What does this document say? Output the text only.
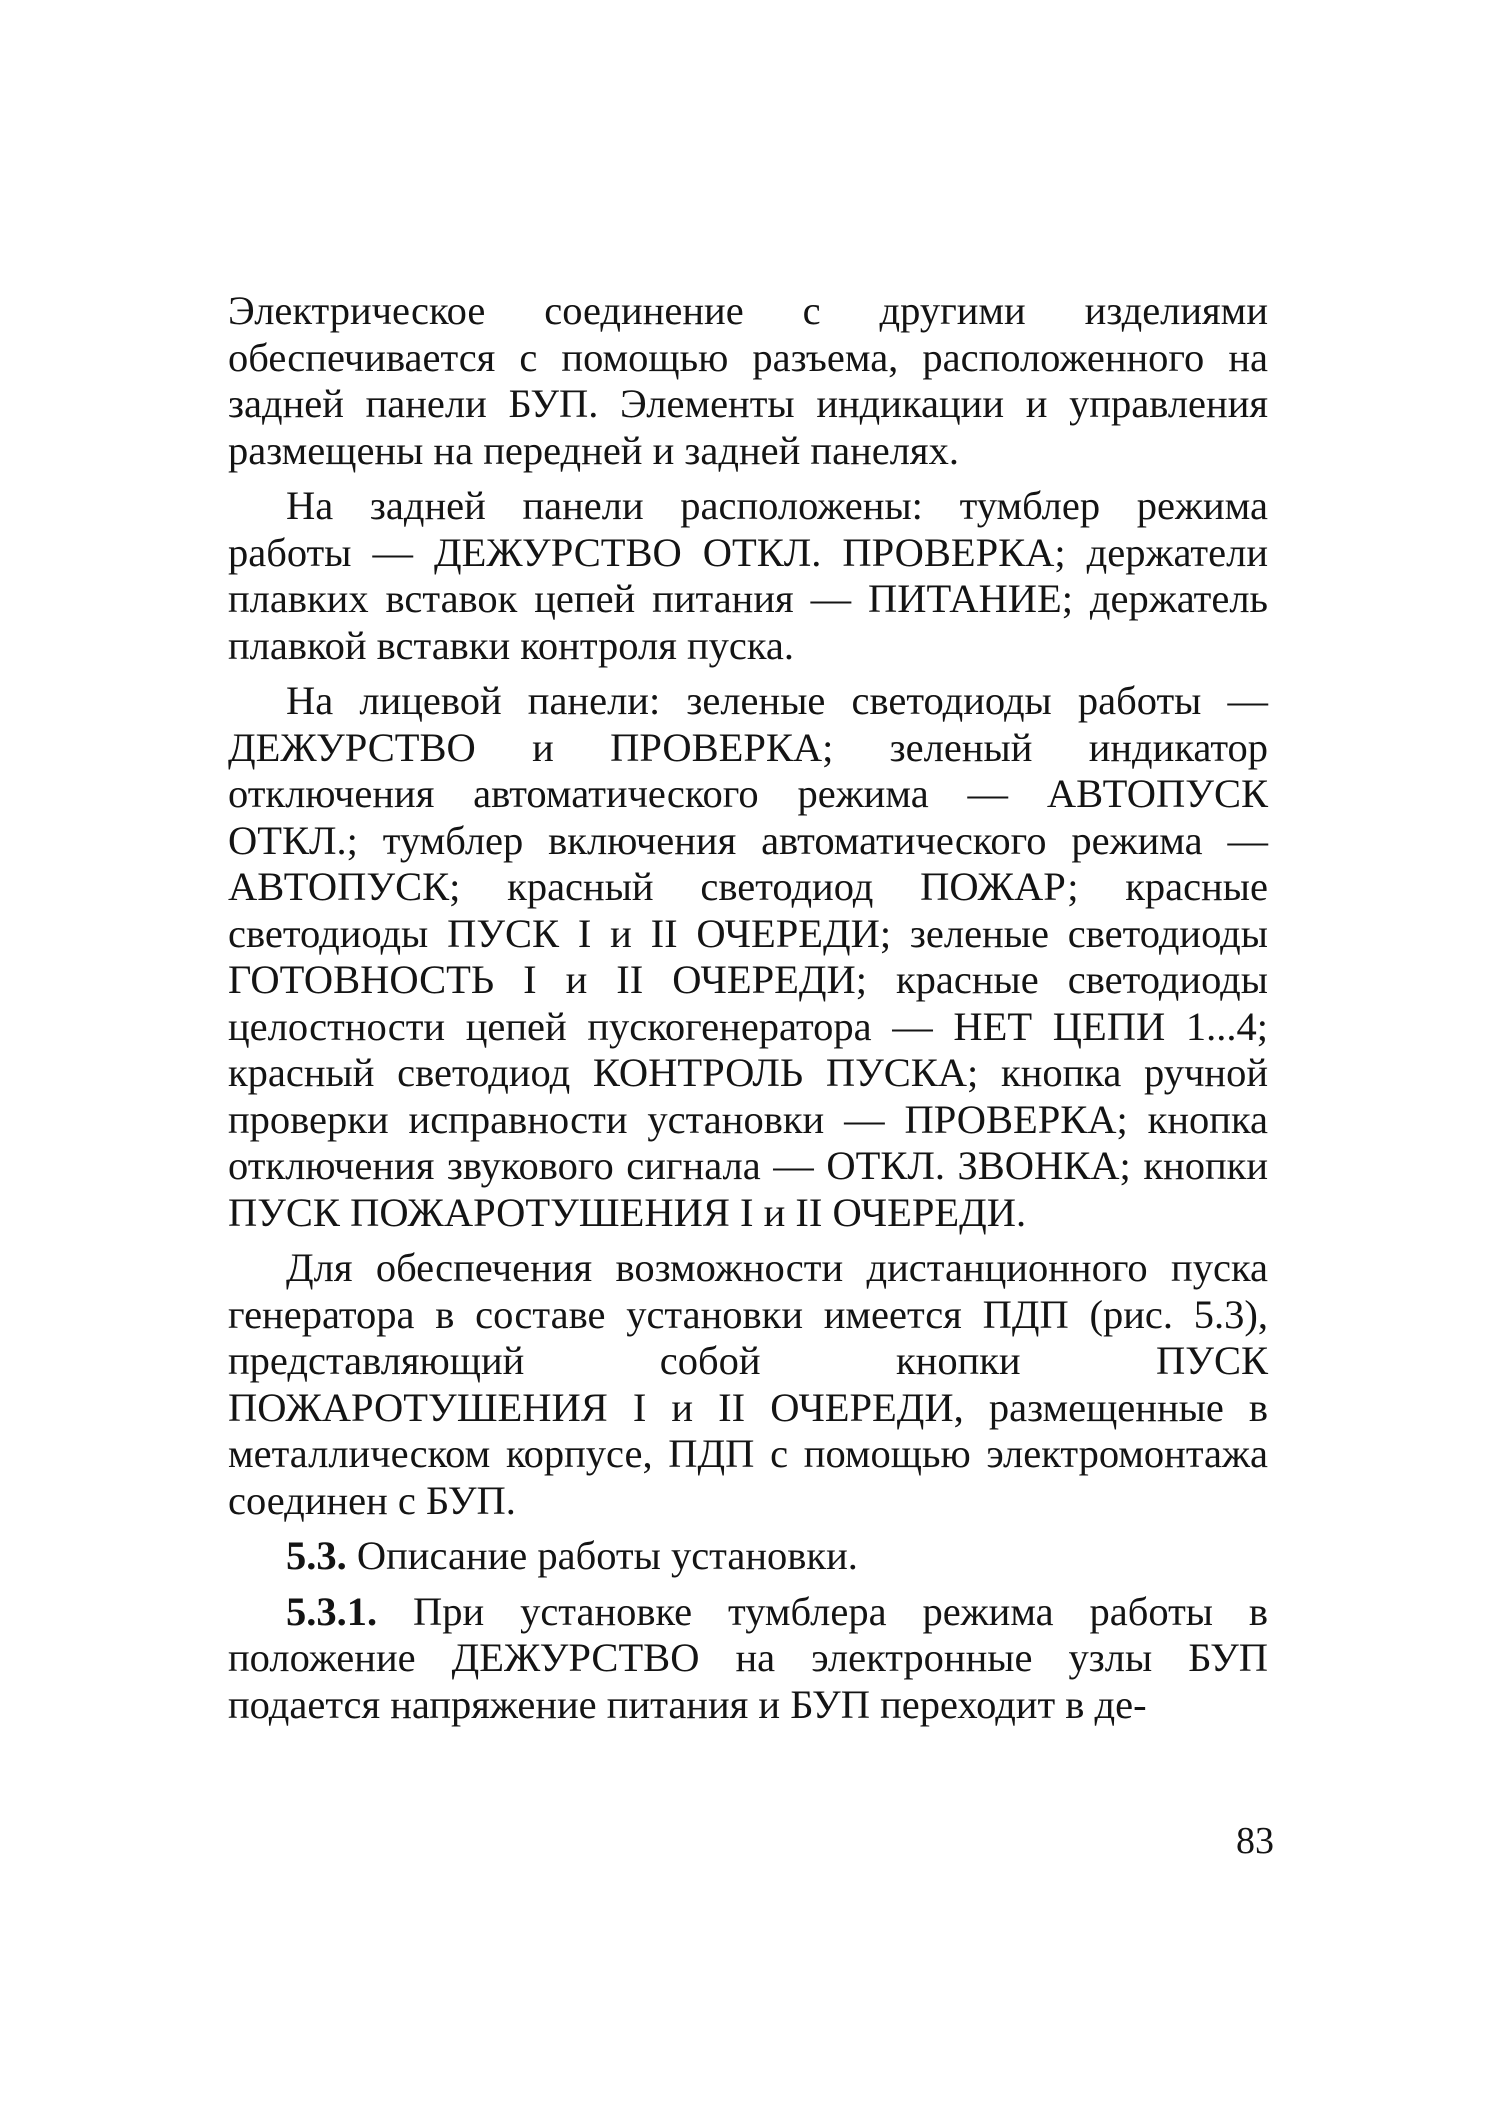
Электрическое соединение с другими изделиями обеспечивается с помощью разъема, расположенного на задней панели БУП. Элементы индикации и управления размещены на передней и задней панелях.

На задней панели расположены: тумблер режима работы — ДЕЖУРСТВО ОТКЛ. ПРОВЕРКА; держатели плавких вставок цепей питания — ПИТАНИЕ; держатель плавкой вставки контроля пуска.

На лицевой панели: зеленые светодиоды работы — ДЕЖУРСТВО и ПРОВЕРКА; зеленый индикатор отключения автоматического режима — АВТОПУСК ОТКЛ.; тумблер включения автоматического режима — АВТОПУСК; красный светодиод ПОЖАР; красные светодиоды ПУСК I и II ОЧЕРЕДИ; зеленые светодиоды ГОТОВНОСТЬ I и II ОЧЕРЕДИ; красные светодиоды целостности цепей пускогенератора — НЕТ ЦЕПИ 1...4; красный светодиод КОНТРОЛЬ ПУСКА; кнопка ручной проверки исправности установки — ПРОВЕРКА; кнопка отключения звукового сигнала — ОТКЛ. ЗВОНКА; кнопки ПУСК ПОЖАРОТУШЕНИЯ I и II ОЧЕРЕДИ.

Для обеспечения возможности дистанционного пуска генератора в составе установки имеется ПДП (рис. 5.3), представляющий собой кнопки ПУСК ПОЖАРОТУШЕНИЯ I и II ОЧЕРЕДИ, размещенные в металлическом корпусе, ПДП с помощью электромонтажа соединен с БУП.

5.3. Описание работы установки.

5.3.1. При установке тумблера режима работы в положение ДЕЖУРСТВО на электронные узлы БУП подается напряжение питания и БУП переходит в де-

83
